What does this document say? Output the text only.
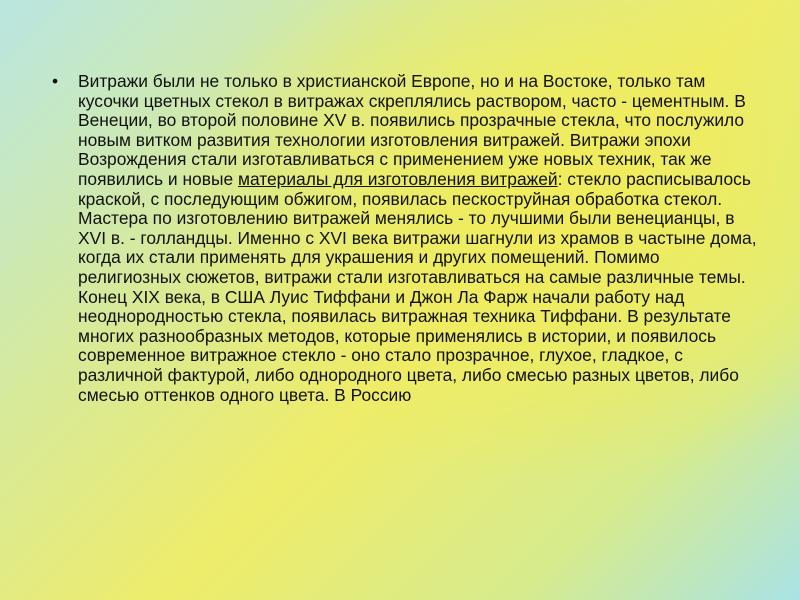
• Витражи были не только в христианской Европе, но и на Востоке, только там кусочки цветных стекол в витражах скреплялись раствором, часто - цементным. В Венеции, во второй половине XV в. появились прозрачные стекла, что послужило новым витком развития технологии изготовления витражей. Витражи эпохи Возрождения стали изготавливаться с применением уже новых техник, так же появились и новые материалы для изготовления витражей: стекло расписывалось краской, с последующим обжигом, появилась пескоструйная обработка стекол. Мастера по изготовлению витражей менялись - то лучшими были венецианцы, в XVI в. - голландцы. Именно с XVI века витражи шагнули из храмов в частыне дома, когда их стали применять для украшения и других помещений. Помимо религиозных сюжетов, витражи стали изготавливаться на самые различные темы. Конец XIX века, в США Луис Тиффани и Джон Ла Фарж начали работу над неоднородностью стекла, появилась витражная техника Тиффани. В результате многих разнообразных методов, которые применялись в истории, и появилось современное витражное стекло - оно стало прозрачное, глухое, гладкое, с различной фактурой, либо однородного цвета, либо смесью разных цветов, либо смесью оттенков одного цвета. В Россию
